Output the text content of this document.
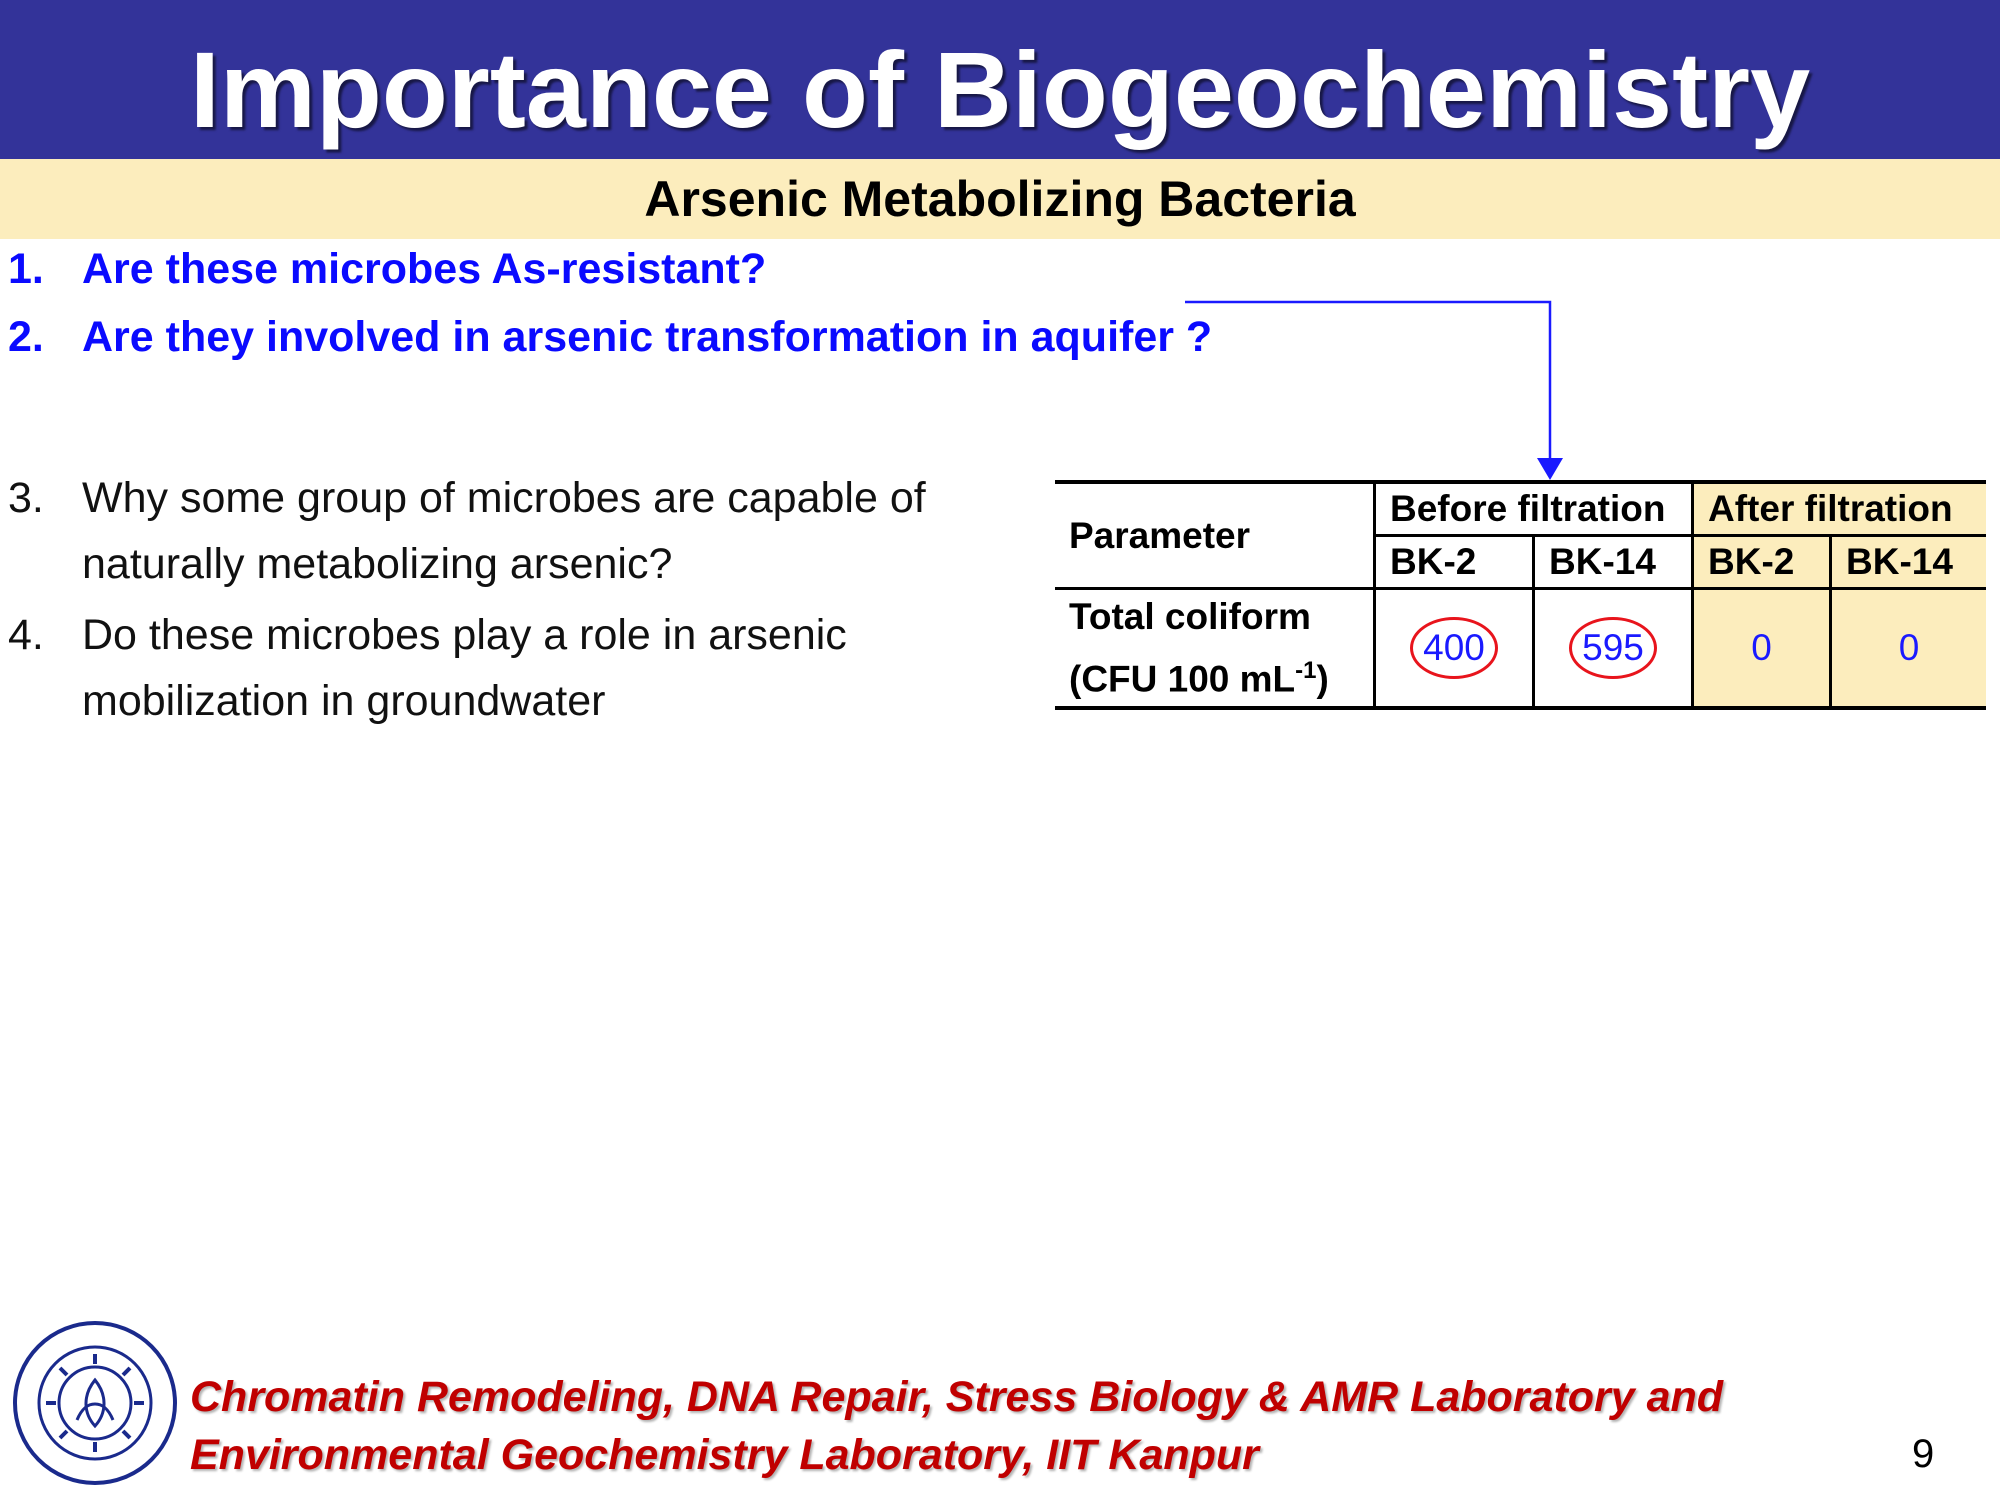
Importance of Biogeochemistry
Arsenic Metabolizing Bacteria
1. Are these microbes As-resistant?
2. Are they involved in arsenic transformation in aquifer ?
3. Why some group of microbes are capable of naturally metabolizing arsenic?
4. Do these microbes play a role in arsenic mobilization in groundwater
Parameter	Before filtration		After filtration	
	BK-2	BK-14	BK-2	BK-14
Total coliform
(CFU 100 $mL^{-1}$)	400	595	0	0
Chromatin Remodeling, DNA Repair, Stress Biology & AMR Laboratory and
Environmental Geochemistry Laboratory, IIT Kanpur	9
